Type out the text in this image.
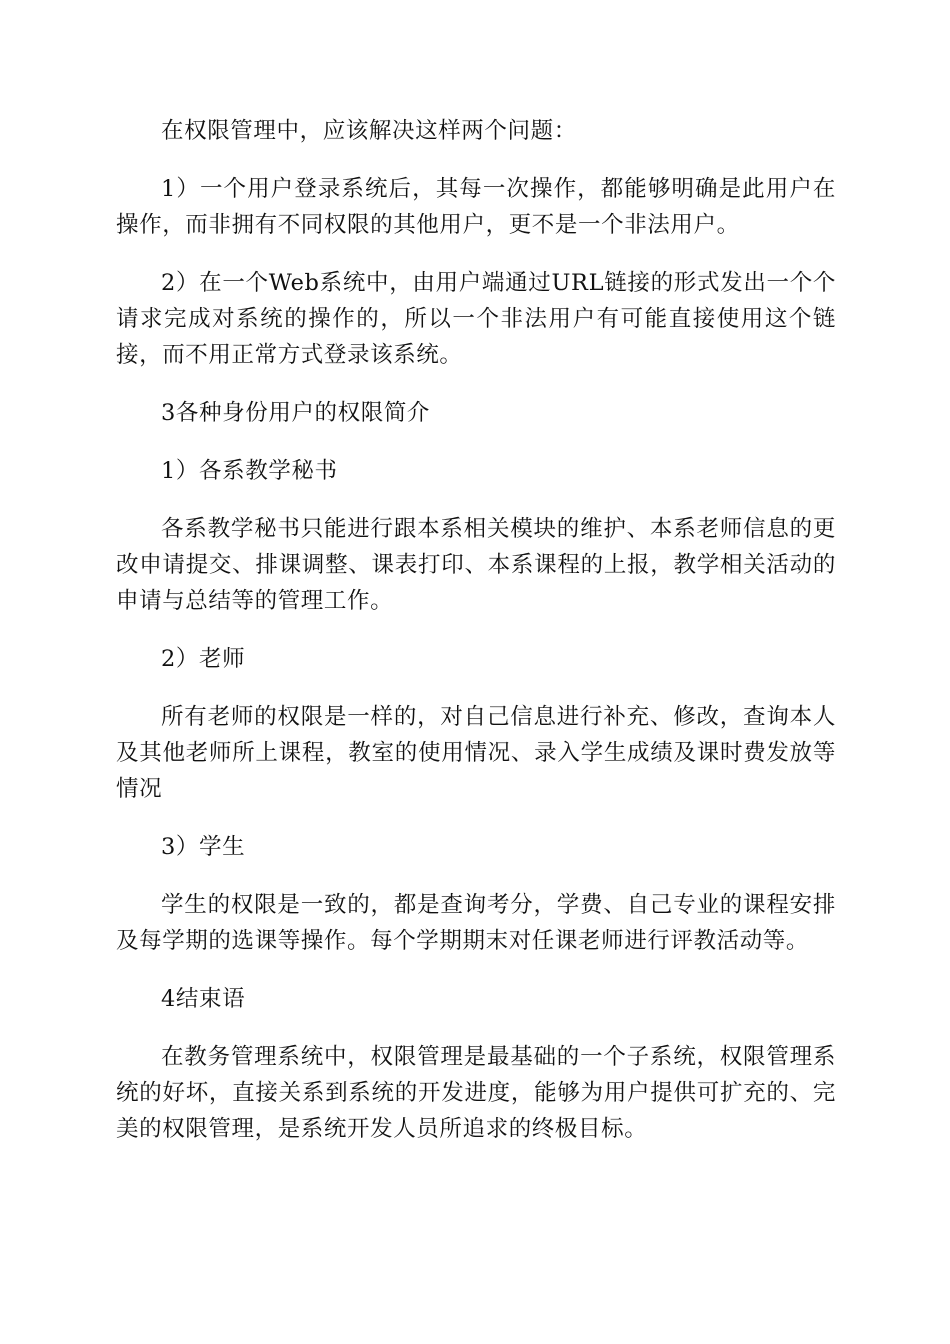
在权限管理中，应该解决这样两个问题：

1）一个用户登录系统后，其每一次操作，都能够明确是此用户在操作，而非拥有不同权限的其他用户，更不是一个非法用户。

2）在一个Web系统中，由用户端通过URL链接的形式发出一个个请求完成对系统的操作的，所以一个非法用户有可能直接使用这个链接，而不用正常方式登录该系统。

3各种身份用户的权限简介

1）各系教学秘书

各系教学秘书只能进行跟本系相关模块的维护、本系老师信息的更改申请提交、排课调整、课表打印、本系课程的上报，教学相关活动的申请与总结等的管理工作。

2）老师

所有老师的权限是一样的，对自己信息进行补充、修改，查询本人及其他老师所上课程，教室的使用情况、录入学生成绩及课时费发放等情况

3）学生

学生的权限是一致的，都是查询考分，学费、自己专业的课程安排及每学期的选课等操作。每个学期期末对任课老师进行评教活动等。

4结束语

在教务管理系统中，权限管理是最基础的一个子系统，权限管理系统的好坏，直接关系到系统的开发进度，能够为用户提供可扩充的、完美的权限管理，是系统开发人员所追求的终极目标。
